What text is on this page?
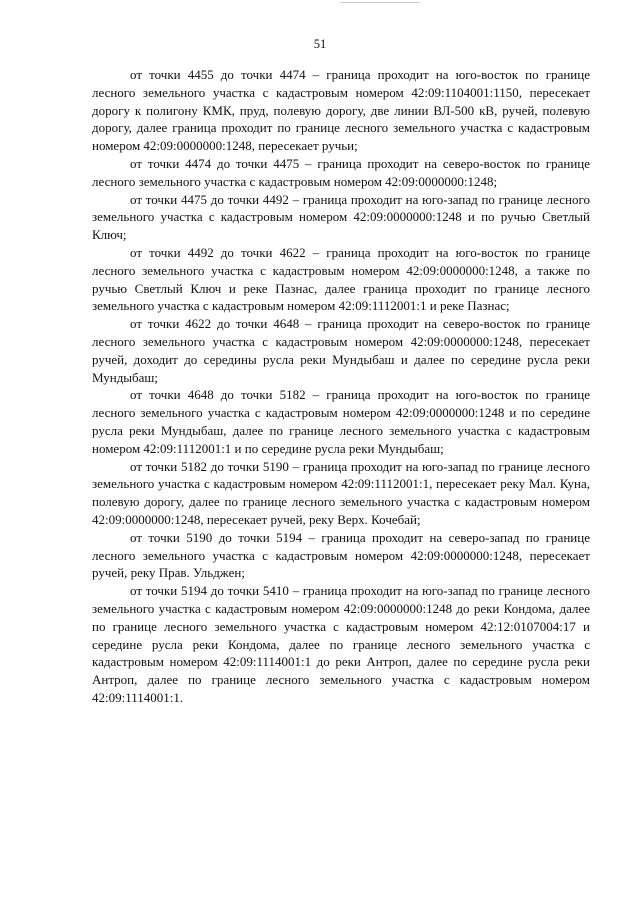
51

от точки 4455 до точки 4474 – граница проходит на юго-восток по границе лесного земельного участка с кадастровым номером 42:09:1104001:1150, пересекает дорогу к полигону КМК, пруд, полевую дорогу, две линии ВЛ-500 кВ, ручей, полевую дорогу, далее граница проходит по границе лесного земельного участка с кадастровым номером 42:09:0000000:1248, пересекает ручьи;

от точки 4474 до точки 4475 – граница проходит на северо-восток по границе лесного земельного участка с кадастровым номером 42:09:0000000:1248;

от точки 4475 до точки 4492 – граница проходит на юго-запад по границе лесного земельного участка с кадастровым номером 42:09:0000000:1248 и по ручью Светлый Ключ;

от точки 4492 до точки 4622 – граница проходит на юго-восток по границе лесного земельного участка с кадастровым номером 42:09:0000000:1248, а также по ручью Светлый Ключ и реке Пазнас, далее граница проходит по границе лесного земельного участка с кадастровым номером 42:09:1112001:1 и реке Пазнас;

от точки 4622 до точки 4648 – граница проходит на северо-восток по границе лесного земельного участка с кадастровым номером 42:09:0000000:1248, пересекает ручей, доходит до середины русла реки Мундыбаш и далее по середине русла реки Мундыбаш;

от точки 4648 до точки 5182 – граница проходит на юго-восток по границе лесного земельного участка с кадастровым номером 42:09:0000000:1248 и по середине русла реки Мундыбаш, далее по границе лесного земельного участка с кадастровым номером 42:09:1112001:1 и по середине русла реки Мундыбаш;

от точки 5182 до точки 5190 – граница проходит на юго-запад по границе лесного земельного участка с кадастровым номером 42:09:1112001:1, пересекает реку Мал. Куна, полевую дорогу, далее по границе лесного земельного участка с кадастровым номером 42:09:0000000:1248, пересекает ручей, реку Верх. Кочебай;

от точки 5190 до точки 5194 – граница проходит на северо-запад по границе лесного земельного участка с кадастровым номером 42:09:0000000:1248, пересекает ручей, реку Прав. Ульджен;

от точки 5194 до точки 5410 – граница проходит на юго-запад по границе лесного земельного участка с кадастровым номером 42:09:0000000:1248 до реки Кондома, далее по границе лесного земельного участка с кадастровым номером 42:12:0107004:17 и середине русла реки Кондома, далее по границе лесного земельного участка с кадастровым номером 42:09:1114001:1 до реки Антроп, далее по середине русла реки Антроп, далее по границе лесного земельного участка с кадастровым номером 42:09:1114001:1.
